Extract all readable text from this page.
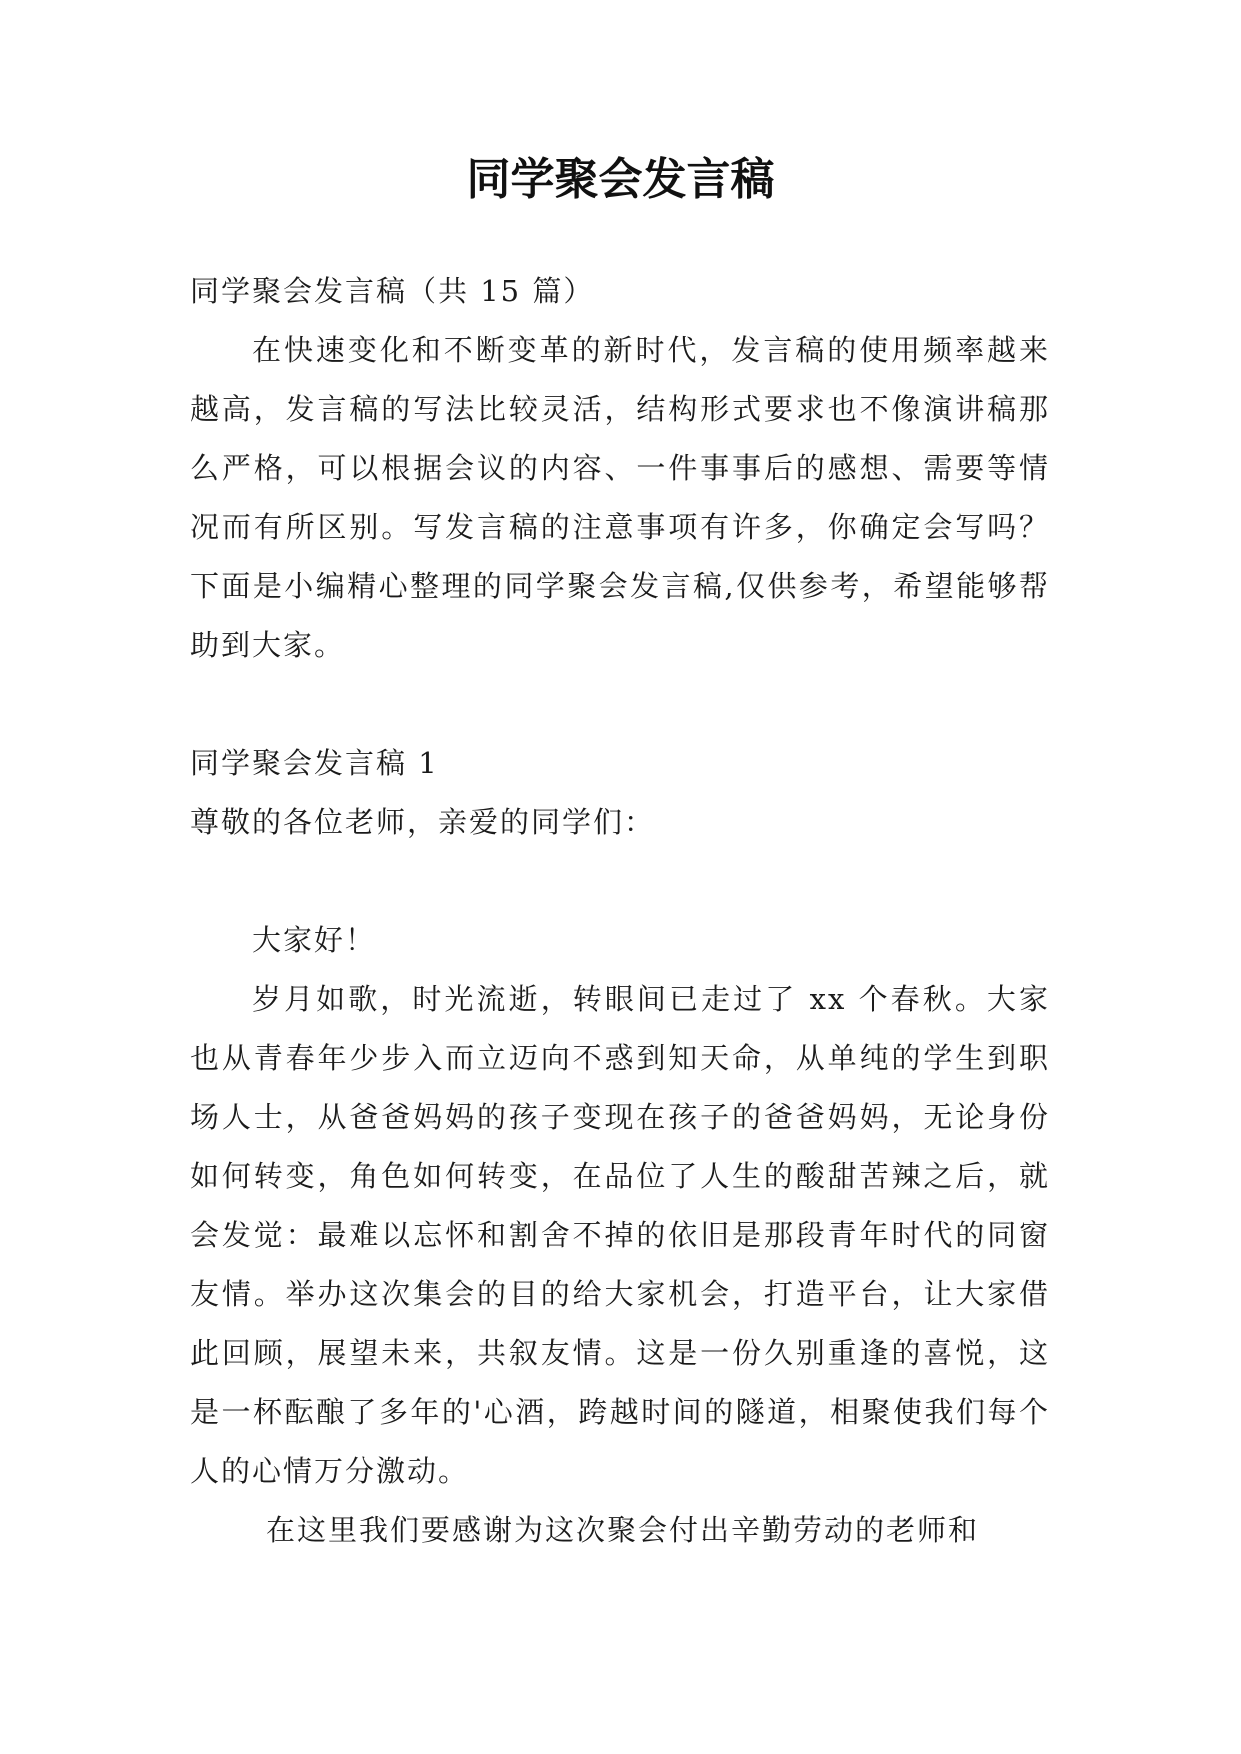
同学聚会发言稿

同学聚会发言稿（共 15 篇）

在快速变化和不断变革的新时代，发言稿的使用频率越来越高，发言稿的写法比较灵活，结构形式要求也不像演讲稿那么严格，可以根据会议的内容、一件事事后的感想、需要等情况而有所区别。写发言稿的注意事项有许多，你确定会写吗？下面是小编精心整理的同学聚会发言稿,仅供参考，希望能够帮助到大家。

同学聚会发言稿 1

尊敬的各位老师，亲爱的同学们：

大家好！

岁月如歌，时光流逝，转眼间已走过了 xx 个春秋。大家也从青春年少步入而立迈向不惑到知天命，从单纯的学生到职场人士，从爸爸妈妈的孩子变现在孩子的爸爸妈妈，无论身份如何转变，角色如何转变，在品位了人生的酸甜苦辣之后，就会发觉：最难以忘怀和割舍不掉的依旧是那段青年时代的同窗友情。举办这次集会的目的给大家机会，打造平台，让大家借此回顾，展望未来，共叙友情。这是一份久别重逢的喜悦，这是一杯酝酿了多年的'心酒，跨越时间的隧道，相聚使我们每个人的心情万分激动。

在这里我们要感谢为这次聚会付出辛勤劳动的老师和
